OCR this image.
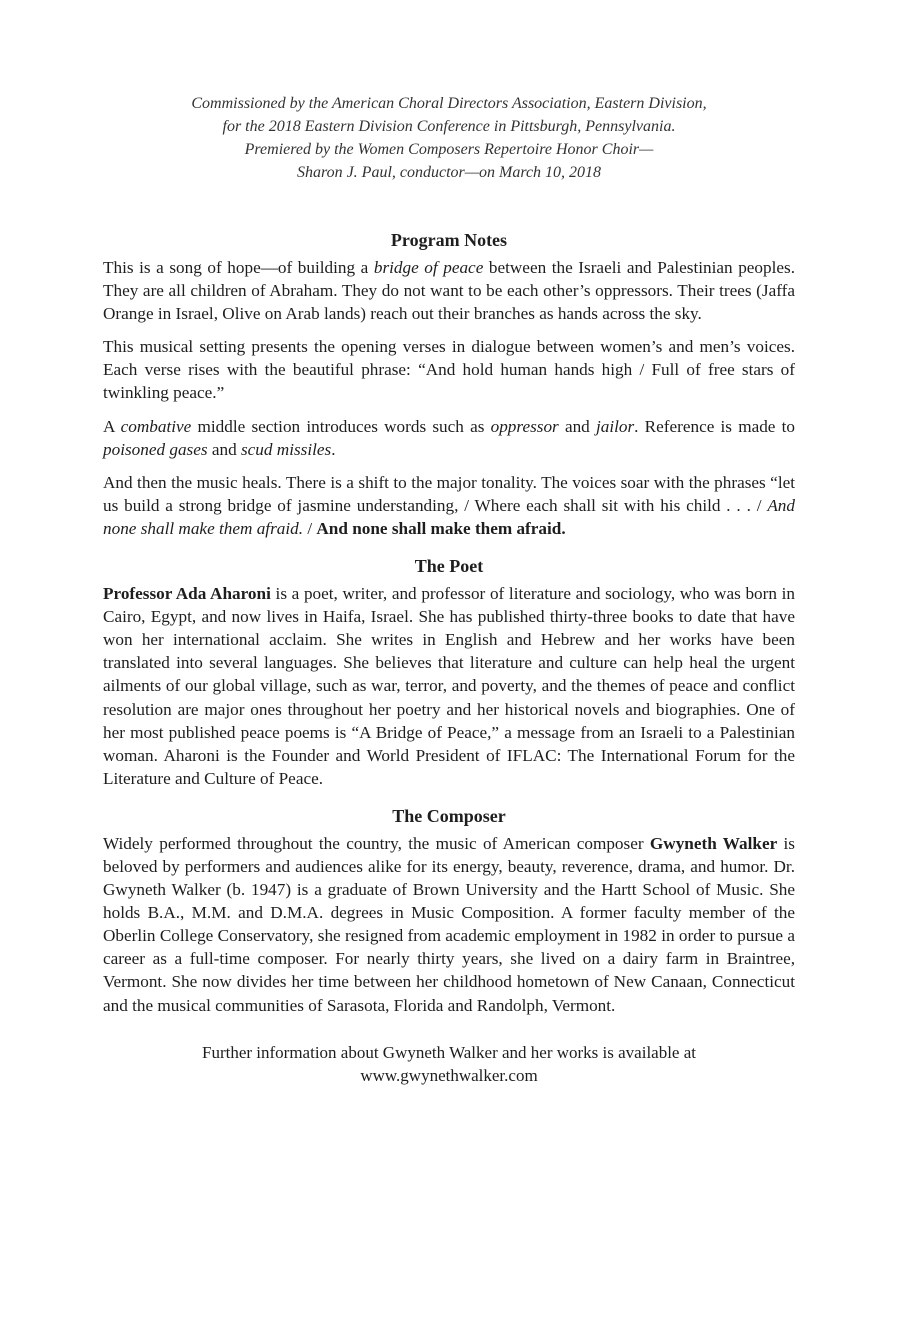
Commissioned by the American Choral Directors Association, Eastern Division,
for the 2018 Eastern Division Conference in Pittsburgh, Pennsylvania.
Premiered by the Women Composers Repertoire Honor Choir—
Sharon J. Paul, conductor—on March 10, 2018
Program Notes

This is a song of hope—of building a bridge of peace between the Israeli and Palestinian peoples. They are all children of Abraham. They do not want to be each other’s oppressors. Their trees (Jaffa Orange in Israel, Olive on Arab lands) reach out their branches as hands across the sky.

This musical setting presents the opening verses in dialogue between women’s and men’s voices. Each verse rises with the beautiful phrase: “And hold human hands high / Full of free stars of twinkling peace.”

A combative middle section introduces words such as oppressor and jailor. Reference is made to poisoned gases and scud missiles.

And then the music heals. There is a shift to the major tonality. The voices soar with the phrases “let us build a strong bridge of jasmine understanding, / Where each shall sit with his child . . . / And none shall make them afraid. / And none shall make them afraid.

The Poet

Professor Ada Aharoni is a poet, writer, and professor of literature and sociology, who was born in Cairo, Egypt, and now lives in Haifa, Israel. She has published thirty-three books to date that have won her international acclaim. She writes in English and Hebrew and her works have been translated into several languages. She believes that literature and culture can help heal the urgent ailments of our global village, such as war, terror, and poverty, and the themes of peace and conflict resolution are major ones throughout her poetry and her historical novels and biographies. One of her most published peace poems is “A Bridge of Peace,” a message from an Israeli to a Palestinian woman. Aharoni is the Founder and World President of IFLAC: The International Forum for the Literature and Culture of Peace.

The Composer

Widely performed throughout the country, the music of American composer Gwyneth Walker is beloved by performers and audiences alike for its energy, beauty, reverence, drama, and humor. Dr. Gwyneth Walker (b. 1947) is a graduate of Brown University and the Hartt School of Music. She holds B.A., M.M. and D.M.A. degrees in Music Composition. A former faculty member of the Oberlin College Conservatory, she resigned from academic employment in 1982 in order to pursue a career as a full-time composer. For nearly thirty years, she lived on a dairy farm in Braintree, Vermont. She now divides her time between her childhood hometown of New Canaan, Connecticut and the musical communities of Sarasota, Florida and Randolph, Vermont.

Further information about Gwyneth Walker and her works is available at
www.gwynethwalker.com
